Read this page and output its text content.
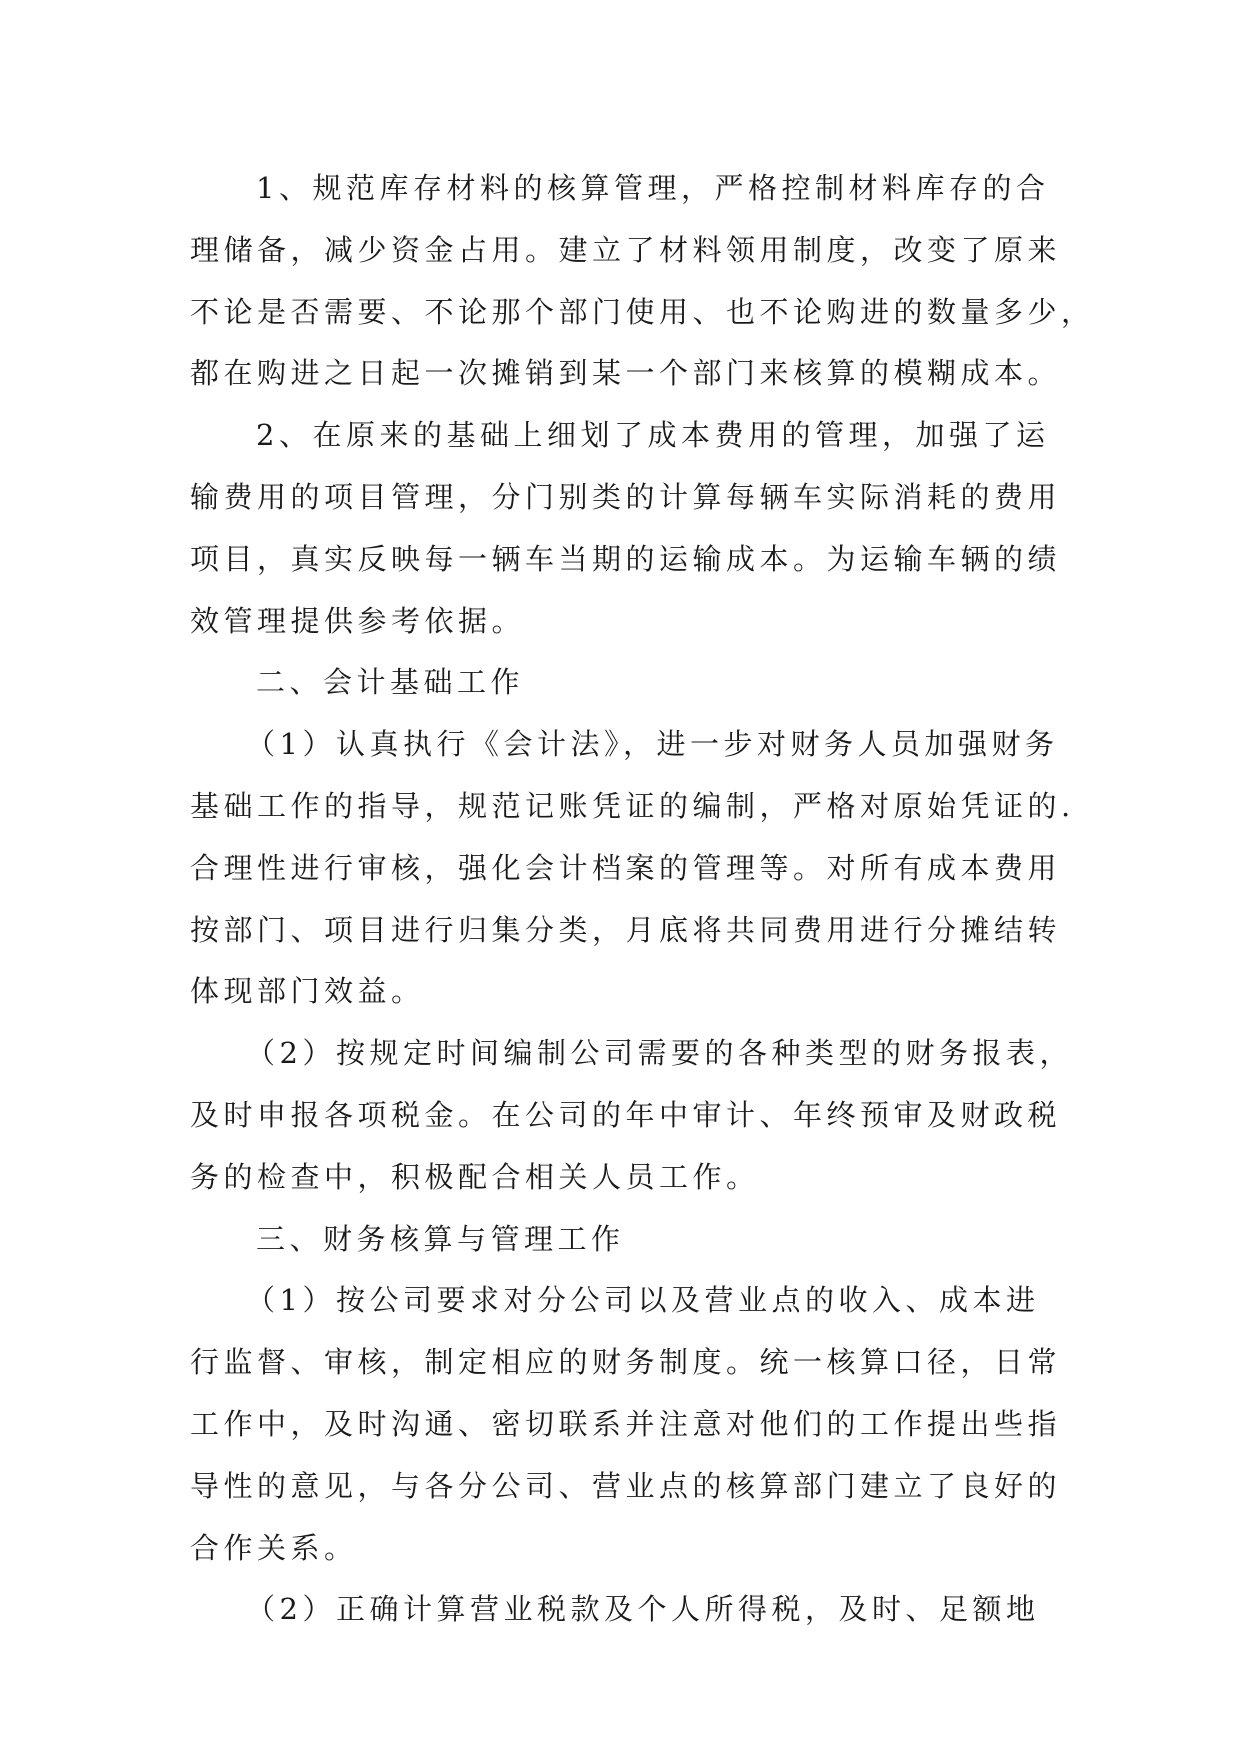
1、规范库存材料的核算管理，严格控制材料库存的合
理储备，减少资金占用。建立了材料领用制度，改变了原来
不论是否需要、不论那个部门使用、也不论购进的数量多少，
都在购进之日起一次摊销到某一个部门来核算的模糊成本。
2、在原来的基础上细划了成本费用的管理，加强了运
输费用的项目管理，分门别类的计算每辆车实际消耗的费用
项目，真实反映每一辆车当期的运输成本。为运输车辆的绩
效管理提供参考依据。
二、会计基础工作
（1）认真执行《会计法》，进一步对财务人员加强财务
基础工作的指导，规范记账凭证的编制，严格对原始凭证的.
合理性进行审核，强化会计档案的管理等。对所有成本费用
按部门、项目进行归集分类，月底将共同费用进行分摊结转
体现部门效益。
（2）按规定时间编制公司需要的各种类型的财务报表，
及时申报各项税金。在公司的年中审计、年终预审及财政税
务的检查中，积极配合相关人员工作。
三、财务核算与管理工作
（1）按公司要求对分公司以及营业点的收入、成本进
行监督、审核，制定相应的财务制度。统一核算口径，日常
工作中，及时沟通、密切联系并注意对他们的工作提出些指
导性的意见，与各分公司、营业点的核算部门建立了良好的
合作关系。
（2）正确计算营业税款及个人所得税，及时、足额地
